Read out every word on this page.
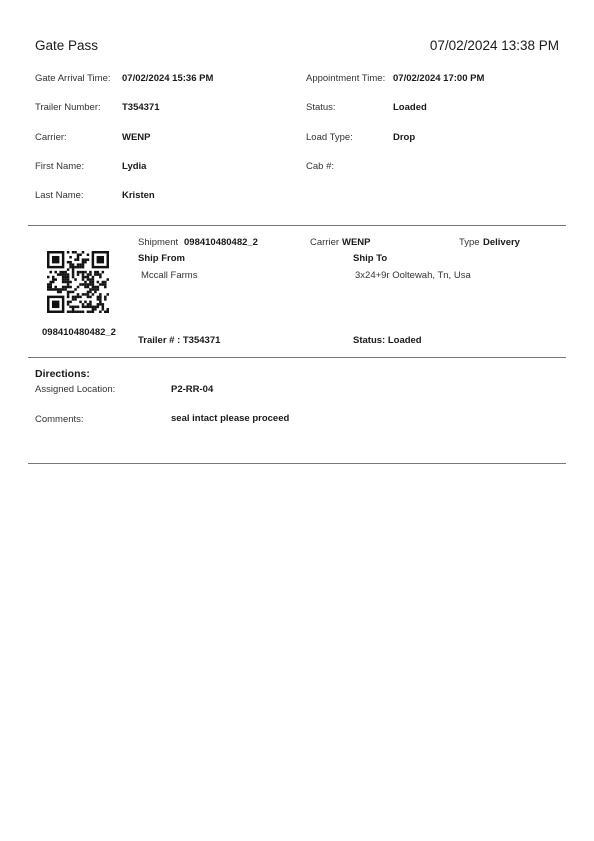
Gate Pass	07/02/2024 13:38 PM
Gate Arrival Time: 07/02/2024 15:36 PM	Appointment Time: 07/02/2024 17:00 PM
Trailer Number: T354371	Status:	Loaded
Carrier:	WENP	Load Type:	Drop
First Name:	Lydia	Cab #:
Last Name:	Kristen
098410480482_2
Shipment 098410480482_2	Carrier WENP	Type Delivery
Ship From
Mccall Farms
Ship To
3x24+9r Ooltewah, Tn, Usa
Trailer # : T354371	Status: Loaded
Directions:
Assigned Location:	P2-RR-04
Comments:	seal intact please proceed
